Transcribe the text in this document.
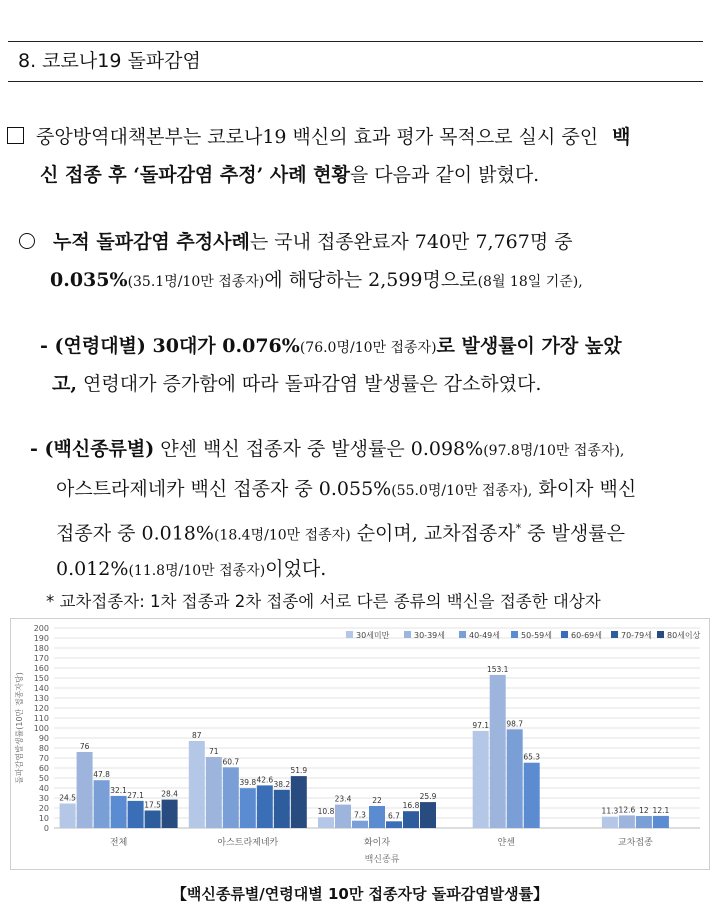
8. 코로나19 돌파감염
중앙방역대책본부는 코로나19 백신의 효과 평가 목적으로 실시 중인 백
신 접종 후 ‘돌파감염 추정’ 사례 현황을 다음과 같이 밝혔다.
누적 돌파감염 추정사례는 국내 접종완료자 740만 7,767명 중
0.035%(35.1명/10만 접종자)에 해당하는 2,599명으로(8월 18일 기준),
- (연령대별) 30대가 0.076%(76.0명/10만 접종자)로 발생률이 가장 높았
고, 연령대가 증가함에 따라 돌파감염 발생률은 감소하였다.
- (백신종류별) 얀센 백신 접종자 중 발생률은 0.098%(97.8명/10만 접종자),
아스트라제네카 백신 접종자 중 0.055%(55.0명/10만 접종자), 화이자 백신
접종자 중 0.018%(18.4명/10만 접종자) 순이며, 교차접종자* 중 발생률은
0.012%(11.8명/10만 접종자)이었다.
* 교차접종자: 1차 접종과 2차 접종에 서로 다른 종류의 백신을 접종한 대상자
0
10
20
30
40
50
60
70
80
90
100
110
120
130
140
150
160
170
180
190
200
돌파감염발생률(10만 접종자당)
24.5
76
47.8
32.1
27.1
17.5
28.4
전체
87
71
60.7
39.8 42.6 38.2
51.9
아스트라제네카
10.8
23.4
7.3
22
6.7
16.8
25.9
화이자
97.1
153.1
98.7
65.3
얀센
11.3 12.6 12 12.1
교차접종
백신종류
30세미만	30-39세	40-49세	50-59세 60-69세 70-79세 80세이상
【백신종류별/연령대별 10만 접종자당 돌파감염발생률】
